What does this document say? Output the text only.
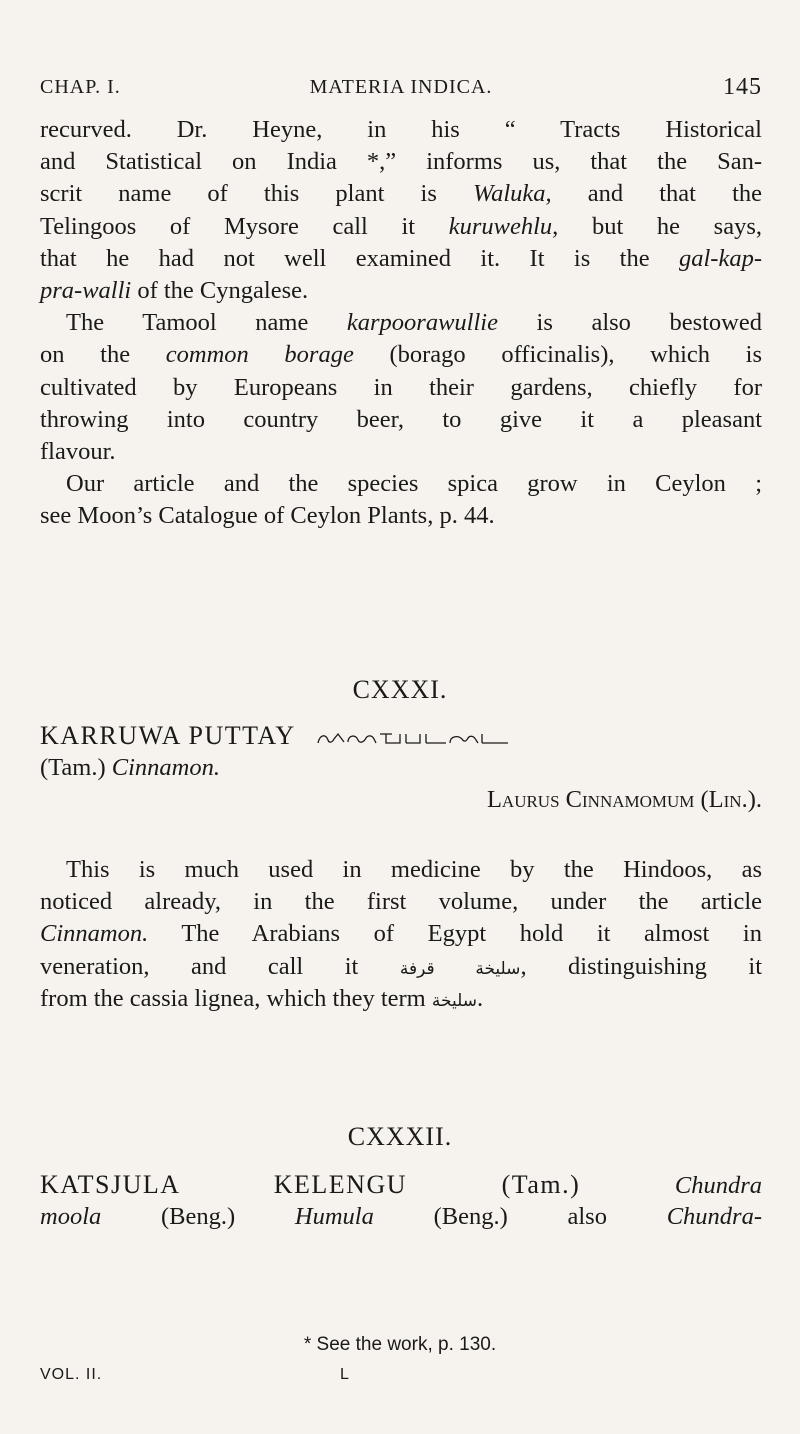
CHAP. I.	MATERIA INDICA.	145
recurved. Dr. Heyne, in his “ Tracts Historical
and Statistical on India *,” informs us, that the San-
scrit name of this plant is Waluka, and that the
Telingoos of Mysore call it kuruwehlu, but he says,
that he had not well examined it. It is the gal-kap-
pra-walli of the Cyngalese.
The Tamool name karpoorawullie is also bestowed
on the common borage (borago officinalis), which is
cultivated by Europeans in their gardens, chiefly for
throwing into country beer, to give it a pleasant
flavour.
Our article and the species spica grow in Ceylon ;
see Moon’s Catalogue of Ceylon Plants, p. 44.
CXXXI.
KARRUWA PUTTAY
(Tam.) Cinnamon.
Laurus Cinnamomum (Lin.).
This is much used in medicine by the Hindoos, as
noticed already, in the first volume, under the article
Cinnamon. The Arabians of Egypt hold it almost in
veneration, and call it سليخة قرفة, distinguishing it
from the cassia lignea, which they term سليخة.
CXXXII.
KATSJULA KELENGU (Tam.) Chundra
moola (Beng.) Humula (Beng.) also Chundra-
* See the work, p. 130.
VOL. II.	L
